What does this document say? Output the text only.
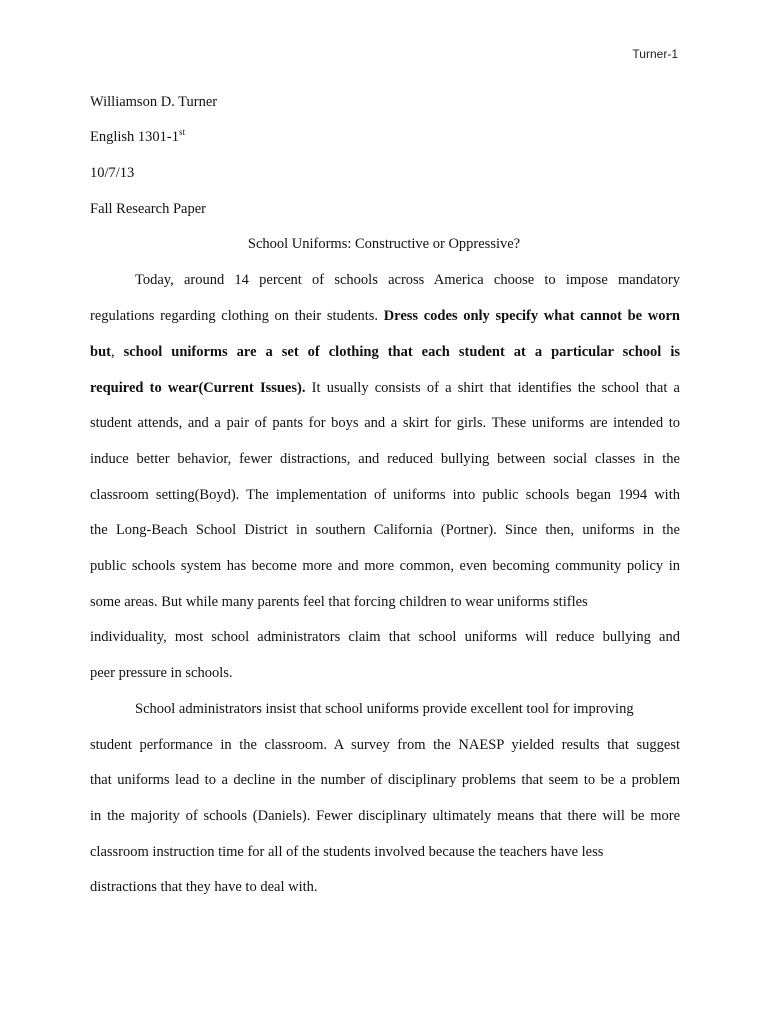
Turner-1
Williamson D. Turner
English 1301-1st
10/7/13
Fall Research Paper
School Uniforms: Constructive or Oppressive?
Today, around 14 percent of schools across America choose to impose mandatory
regulations regarding clothing on their students. Dress codes only specify what cannot be worn
but, school uniforms are a set of clothing that each student at a particular school is
required to wear(Current Issues). It usually consists of a shirt that identifies the school that a
student attends, and a pair of pants for boys and a skirt for girls. These uniforms are intended to
induce better behavior, fewer distractions, and reduced bullying between social classes in the
classroom setting(Boyd). The implementation of uniforms into public schools began 1994 with
the Long-Beach School District in southern California (Portner). Since then, uniforms in the
public schools system has become more and more common, even becoming community policy in
some areas. But while many parents feel that forcing children to wear uniforms stifles
individuality, most school administrators claim that school uniforms will reduce bullying and
peer pressure in schools.
School administrators insist that school uniforms provide excellent tool for improving
student performance in the classroom. A survey from the NAESP yielded results that suggest
that uniforms lead to a decline in the number of disciplinary problems that seem to be a problem
in the majority of schools (Daniels). Fewer disciplinary ultimately means that there will be more
classroom instruction time for all of the students involved because the teachers have less
distractions that they have to deal with.
